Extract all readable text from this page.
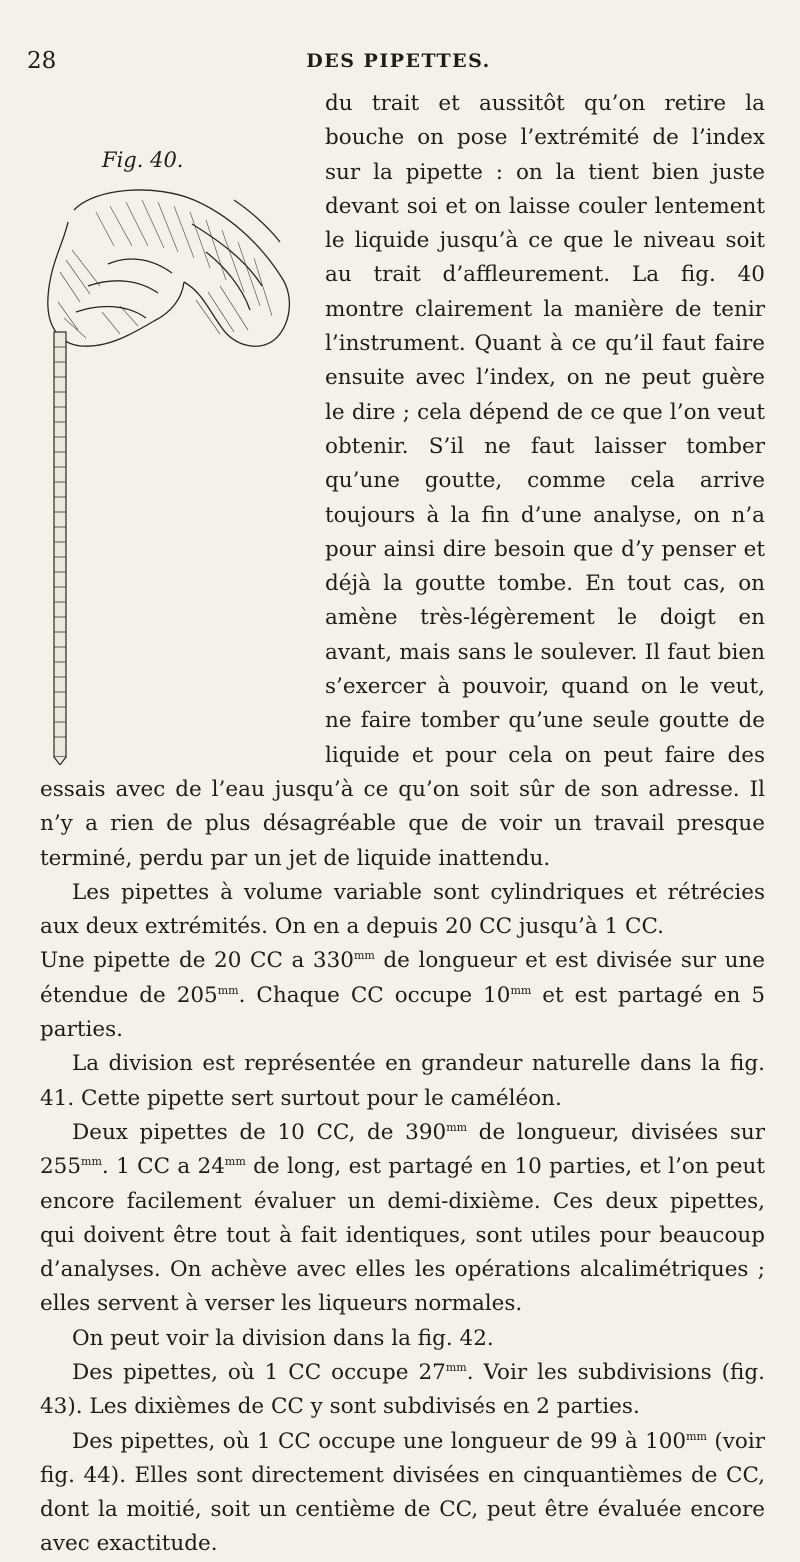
28	DES PIPETTES.
Fig. 40.

du trait et aussitôt qu’on retire la bouche on pose l’extrémité de l’index sur la pipette : on la tient bien juste devant soi et on laisse couler lentement le liquide jusqu’à ce que le niveau soit au trait d’affleurement. La fig. 40 montre clairement la manière de tenir l’instrument. Quant à ce qu’il faut faire ensuite avec l’index, on ne peut guère le dire ; cela dépend de ce que l’on veut obtenir. S’il ne faut laisser tomber qu’une goutte, comme cela arrive toujours à la fin d’une analyse, on n’a pour ainsi dire besoin que d’y penser et déjà la goutte tombe. En tout cas, on amène très-légèrement le doigt en avant, mais sans le soulever. Il faut bien s’exercer à pouvoir, quand on le veut, ne faire tomber qu’une seule goutte de liquide et pour cela on peut faire des essais avec de l’eau jusqu’à ce qu’on soit sûr de son adresse. Il n’y a rien de plus désagréable que de voir un travail presque terminé, perdu par un jet de liquide inattendu.

Les pipettes à volume variable sont cylindriques et rétrécies aux deux extrémités. On en a depuis 20 CC jusqu’à 1 CC.

Une pipette de 20 CC a $330^{mm}$ de longueur et est divisée sur une étendue de $205^{mm}$. Chaque CC occupe $10^{mm}$ et est partagé en 5 parties.

La division est représentée en grandeur naturelle dans la fig. 41. Cette pipette sert surtout pour le caméléon.

Deux pipettes de 10 CC, de $390^{mm}$ de longueur, divisées sur $255^{mm}$. 1 CC a $24^{mm}$ de long, est partagé en 10 parties, et l’on peut encore facilement évaluer un demi-dixième. Ces deux pipettes, qui doivent être tout à fait identiques, sont utiles pour beaucoup d’analyses. On achève avec elles les opérations alcalimétriques ; elles servent à verser les liqueurs normales.

On peut voir la division dans la fig. 42.

Des pipettes, où 1 CC occupe $27^{mm}$. Voir les subdivisions (fig. 43). Les dixièmes de CC y sont subdivisés en 2 parties.

Des pipettes, où 1 CC occupe une longueur de 99 à $100^{mm}$ (voir fig. 44). Elles sont directement divisées en cinquantièmes de CC, dont la moitié, soit un centième de CC, peut être évaluée encore avec exactitude.
